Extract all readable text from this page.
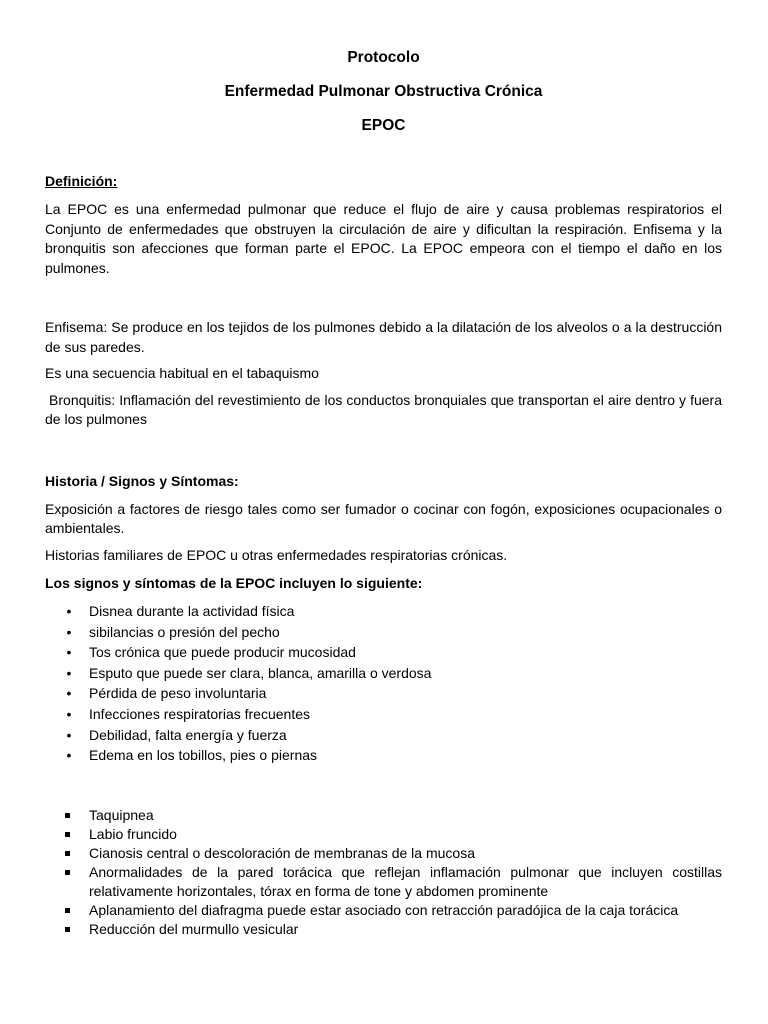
Protocolo

Enfermedad Pulmonar Obstructiva Crónica

EPOC

Definición:

La EPOC es una enfermedad pulmonar que reduce el flujo de aire y causa problemas respiratorios el Conjunto de enfermedades que obstruyen la circulación de aire y dificultan la respiración. Enfisema y la bronquitis son afecciones que forman parte el EPOC. La EPOC empeora con el tiempo el daño en los pulmones.

Enfisema: Se produce en los tejidos de los pulmones debido a la dilatación de los alveolos o a la destrucción de sus paredes.

Es una secuencia habitual en el tabaquismo

Bronquitis: Inflamación del revestimiento de los conductos bronquiales que transportan el aire dentro y fuera de los pulmones

Historia / Signos y Síntomas:

Exposición a factores de riesgo tales como ser fumador o cocinar con fogón, exposiciones ocupacionales o ambientales.

Historias familiares de EPOC u otras enfermedades respiratorias crónicas.

Los signos y síntomas de la EPOC incluyen lo siguiente:
• Disnea durante la actividad física
• sibilancias o presión del pecho
• Tos crónica que puede producir mucosidad
• Esputo que puede ser clara, blanca, amarilla o verdosa
• Pérdida de peso involuntaria
• Infecciones respiratorias frecuentes
• Debilidad, falta energía y fuerza
• Edema en los tobillos, pies o piernas
Taquipnea
Labio fruncido
Cianosis central o descoloración de membranas de la mucosa
Anormalidades de la pared torácica que reflejan inflamación pulmonar que incluyen costillas relativamente horizontales, tórax en forma de tone y abdomen prominente
Aplanamiento del diafragma puede estar asociado con retracción paradójica de la caja torácica
Reducción del murmullo vesicular
